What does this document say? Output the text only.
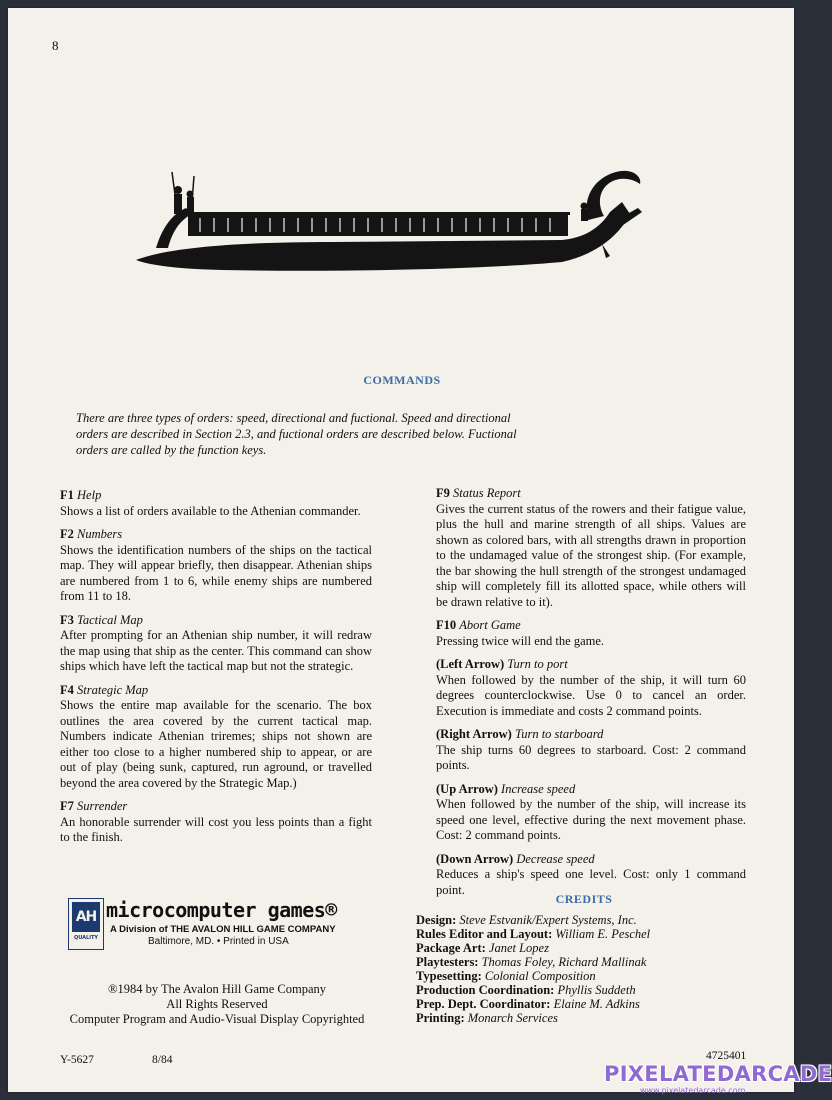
8
COMMANDS
There are three types of orders: speed, directional and fuctional. Speed and directional orders are described in Section 2.3, and fuctional orders are described below. Fuctional orders are called by the function keys.
F1 Help
Shows a list of orders available to the Athenian commander.
F2 Numbers
Shows the identification numbers of the ships on the tactical map. They will appear briefly, then disappear. Athenian ships are numbered from 1 to 6, while enemy ships are numbered from 11 to 18.
F3 Tactical Map
After prompting for an Athenian ship number, it will redraw the map using that ship as the center. This command can show ships which have left the tactical map but not the strategic.
F4 Strategic Map
Shows the entire map available for the scenario. The box outlines the area covered by the current tactical map. Numbers indicate Athenian triremes; ships not shown are either too close to a higher numbered ship to appear, or are out of play (being sunk, captured, run aground, or travelled beyond the area covered by the Strategic Map.)
F7 Surrender
An honorable surrender will cost you less points than a fight to the finish.
F9 Status Report
Gives the current status of the rowers and their fatigue value, plus the hull and marine strength of all ships. Values are shown as colored bars, with all strengths drawn in proportion to the undamaged value of the strongest ship. (For example, the bar showing the hull strength of the strongest undamaged ship will completely fill its allotted space, while others will be drawn relative to it).
F10 Abort Game
Pressing twice will end the game.
(Left Arrow) Turn to port
When followed by the number of the ship, it will turn 60 degrees counterclockwise. Use 0 to cancel an order. Execution is immediate and costs 2 command points.
(Right Arrow) Turn to starboard
The ship turns 60 degrees to starboard. Cost: 2 command points.
(Up Arrow) Increase speed
When followed by the number of the ship, will increase its speed one level, effective during the next movement phase. Cost: 2 command points.
(Down Arrow) Decrease speed
Reduces a ship's speed one level. Cost: only 1 command point.
AH
QUALITY
microcomputer games®
A Division of THE AVALON HILL GAME COMPANY
Baltimore, MD. • Printed in USA
®1984 by The Avalon Hill Game Company
All Rights Reserved
Computer Program and Audio-Visual Display Copyrighted
CREDITS
Design: Steve Estvanik/Expert Systems, Inc.
Rules Editor and Layout: William E. Peschel
Package Art: Janet Lopez
Playtesters: Thomas Foley, Richard Mallinak
Typesetting: Colonial Composition
Production Coordination: Phyllis Suddeth
Prep. Dept. Coordinator: Elaine M. Adkins
Printing: Monarch Services
Y-5627	8/84	4725401
PIXELATEDARCADE
www.pixelatedarcade.com
